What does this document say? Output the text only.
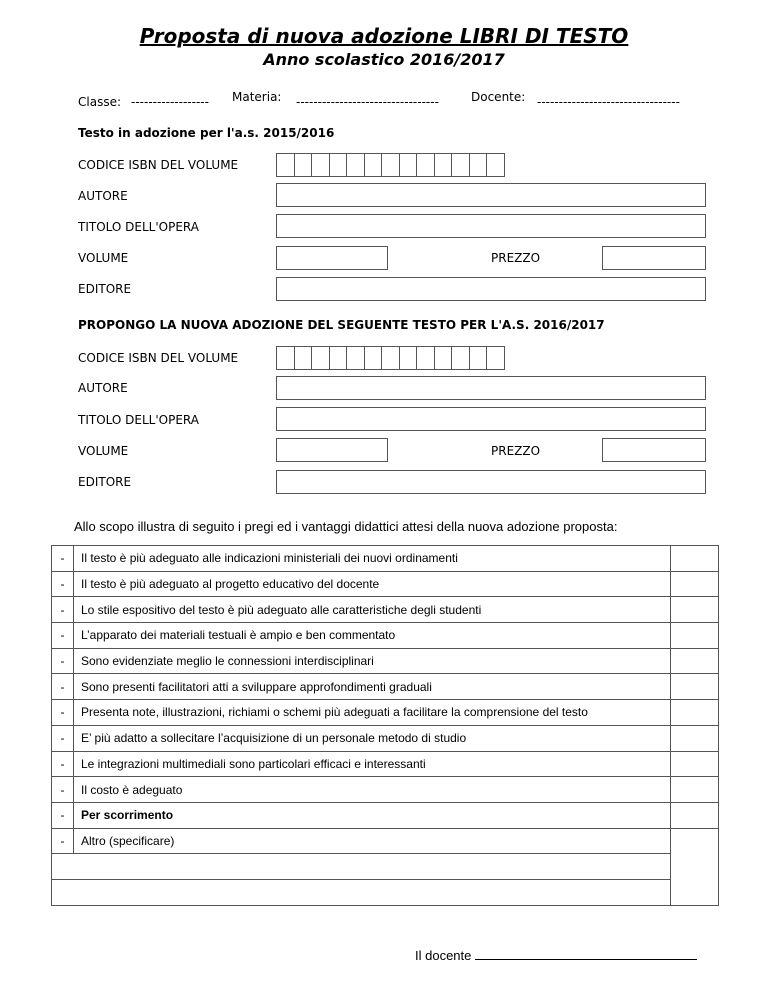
Proposta di nuova adozione LIBRI DI TESTO
Anno scolastico 2016/2017
Classe: ------------------ Materia: ---------------------------------	Docente: ---------------------------------
Testo in adozione per l'a.s. 2015/2016
CODICE ISBN DEL VOLUME
AUTORE
TITOLO DELL'OPERA
VOLUME	PREZZO
EDITORE
PROPONGO LA NUOVA ADOZIONE DEL SEGUENTE TESTO PER L'A.S. 2016/2017
CODICE ISBN DEL VOLUME
AUTORE
TITOLO DELL'OPERA
VOLUME	PREZZO
EDITORE
Allo scopo illustra di seguito i pregi ed i vantaggi didattici attesi della nuova adozione proposta:
-	Il testo è più adeguato alle indicazioni ministeriali dei nuovi ordinamenti	
-	Il testo è più adeguato al progetto educativo del docente	
-	Lo stile espositivo del testo è più adeguato alle caratteristiche degli studenti	
-	L’apparato dei materiali testuali è ampio e ben commentato	
-	Sono evidenziate meglio le connessioni interdisciplinari	
-	Sono presenti facilitatori atti a sviluppare approfondimenti graduali	
-	Presenta note, illustrazioni, richiami o schemi più adeguati a facilitare la comprensione del testo	
-	E’ più adatto a sollecitare l’acquisizione di un personale metodo di studio	
-	Le integrazioni multimediali sono particolari efficaci e interessanti	
-	Il costo è adeguato	
-	Per scorrimento	
-	Altro (specificare)	

Il docente
